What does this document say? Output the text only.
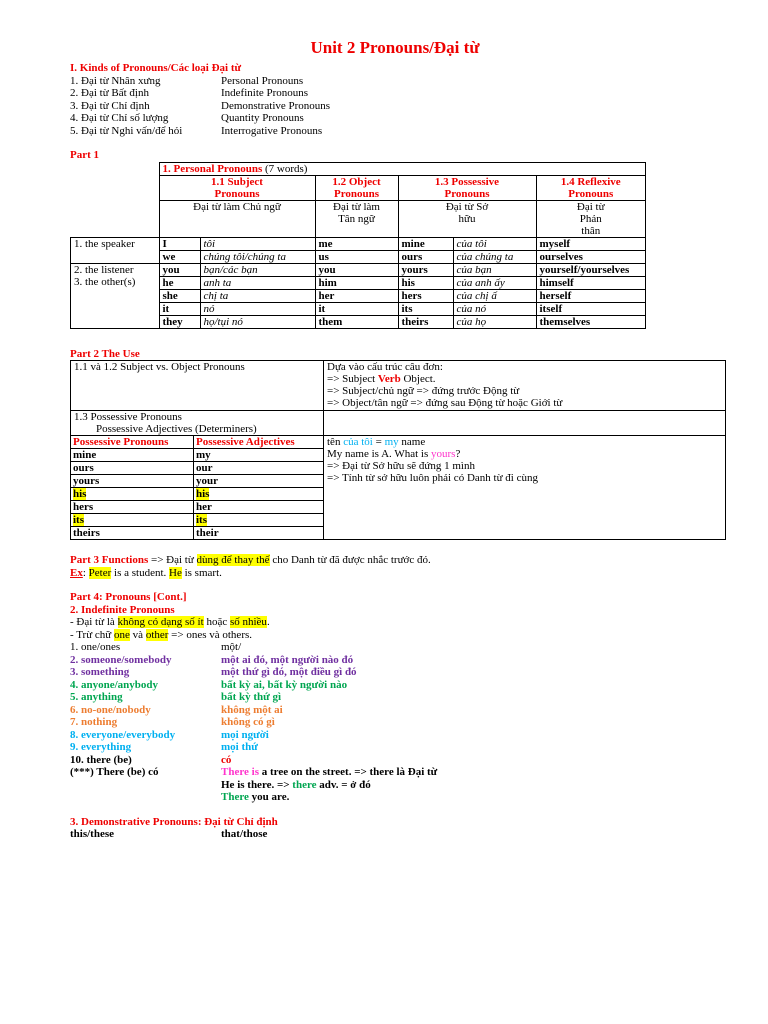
Unit 2 Pronouns/Đại từ
I. Kinds of Pronouns/Các loại Đại từ
1. Đại từ Nhân xưng	Personal Pronouns
2. Đại từ Bất định	Indefinite Pronouns
3. Đại từ Chỉ định	Demonstrative Pronouns
4. Đại từ Chỉ số lượng	Quantity Pronouns
5. Đại từ Nghi vấn/để hỏi	Interrogative Pronouns
Part 1
	1. Personal Pronouns (7 words)					
	1.1 Subject Pronouns		1.2 Object Pronouns	1.3 Possessive Pronouns		1.4 Reflexive Pronouns
	Đại từ làm Chủ ngữ		Đại từ làm Tân ngữ	Đại từ Sở hữu		Đại từ Phản thân
1. the speaker	I	tôi	me	mine	của tôi	myself
	we	chúng tôi/chúng ta	us	ours	của chúng ta	ourselves
2. the listener	you	bạn/các bạn	you	yours	của bạn	yourself/yourselves
3. the other(s)	he	anh ta	him	his	của anh ấy	himself
	she	chị ta	her	hers	của chị ấ	herself
	it	nó	it	its	của nó	itself
	they	họ/tụi nó	them	theirs	của họ	themselves
Part 2 The Use
1.1 và 1.2 Subject vs. Object Pronouns	Dựa vào cấu trúc câu đơn:
=> Subject Verb Object.
=> Subject/chủ ngữ => đứng trước Động từ
=> Object/tân ngữ => đứng sau Động từ hoặc Giới từ

1.3 Possessive Pronouns
Possessive Adjectives (Determiners)

Possessive Pronouns	Possessive Adjectives
mine	my
ours	our
yours	your
his	his
hers	her
its	its
theirs	their

tên của tôi = my name
My name is A. What is yours?
=> Đại từ Sở hữu sẽ đứng 1 mình
=> Tính từ sở hữu luôn phải có Danh từ đi cùng
Part 3 Functions => Đại từ dùng để thay thế cho Danh từ đã được nhắc trước đó.
Ex: Peter is a student. He is smart.
Part 4: Pronouns [Cont.]
2. Indefinite Pronouns
- Đại từ là không có dạng số ít hoặc số nhiều.
- Trừ chữ one và other => ones và others.
1. one/ones	một/
2. someone/somebody	một ai đó, một người nào đó
3. something	một thứ gì đó, một điều gì đó
4. anyone/anybody	bất kỳ ai, bất kỳ người nào
5. anything	bất kỳ thứ gì
6. no-one/nobody	không một ai
7. nothing	không có gì
8. everyone/everybody	mọi người
9. everything	mọi thứ
10. there (be)	có
(***) There (be) có	There is a tree on the street. => there là Đại từ
He is there. => there adv. = ở đó
There you are.
3. Demonstrative Pronouns: Đại từ Chỉ định
this/these	that/those
